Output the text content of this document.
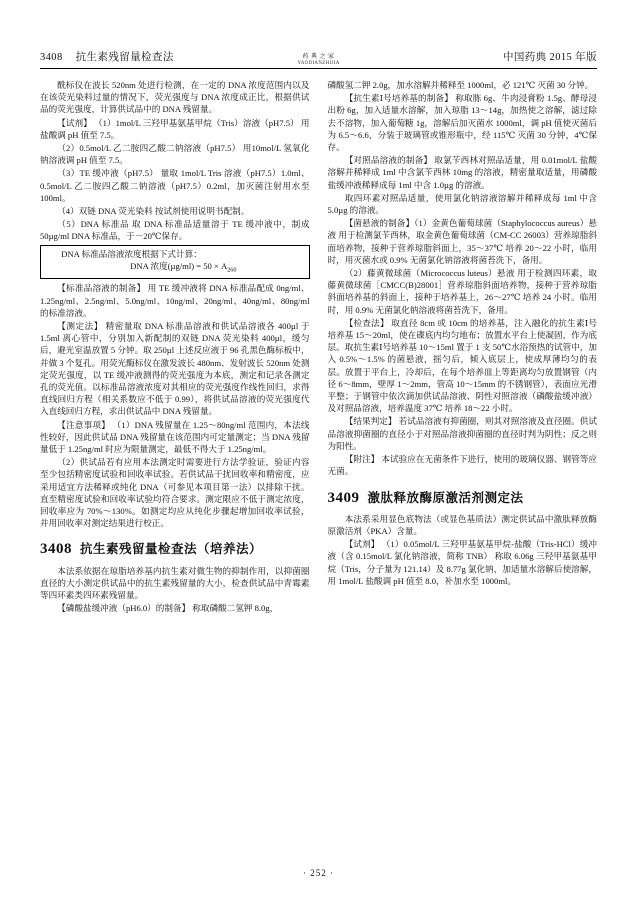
3408 抗生素残留量检查法	药 典 之 家
YAODIANZHIJIA
中国药典 2015 年版

酰标仪在波长 520nm 处进行检测，在一定的 DNA 浓度范围内以及在该荧光染料过量的情况下，荧光强度与 DNA 浓度成正比，根据供试品的荧光强度，计算供试品中的 DNA 残留量。

【试剂】 （1）1mol/L 三羟甲基氨基甲烷（Tris）溶液（pH7.5） 用盐酸调 pH 值至 7.5。

（2）0.5mol/L 乙二胺四乙酸二钠溶液（pH7.5） 用10mol/L 氢氧化钠溶液调 pH 值至 7.5。

（3）TE 缓冲液（pH7.5） 量取 1mol/L Tris 溶液（pH7.5）1.0ml、0.5mol/L 乙二胺四乙酸二钠溶液（pH7.5）0.2ml，加灭菌注射用水至 100ml。

（4）双链 DNA 荧光染料 按试剂使用说明书配制。

（5）DNA 标准品 取 DNA 标准品适量溶于 TE 缓冲液中，制成 50µg/ml DNA 标准品，于－20℃保存。

DNA 标准品溶液浓度根据下式计算：

DNA 浓度$(\mu g/ml) = 50 \times A_{260}$

【标准品溶液的制备】 用 TE 缓冲液将 DNA 标准品配成 0ng/ml、1.25ng/ml、2.5ng/ml、5.0ng/ml、10ng/ml、20ng/ml、40ng/ml、80ng/ml 的标准溶液。

【测定法】 精密量取 DNA 标准品溶液和供试品溶液各 400µl 于 1.5ml 离心管中，分别加入新配制的双链 DNA 荧光染料 400µl，缓匀后，避光室温放置 5 分钟。取 250µl 上述反应液于 96 孔黑色酶标板中，并做 3 个复孔。用荧光酶标仪在激发波长 480nm、发射波长 520nm 处测定荧光强度，以 TE 缓冲液测得的荧光强度为本底，测定和记录各测定孔的荧光值。以标准品溶液浓度对其相应的荧光强度作线性回归，求得直线回归方程（相关系数应不低于 0.99），将供试品溶液的荧光强度代入直线回归方程，求出供试品中 DNA 残留量。

【注意事项】 （1）DNA 残留量在 1.25～80ng/ml 范围内，本法线性较好，因此供试品 DNA 残留量在该范围内可定量测定；当 DNA 残留量低于 1.25ng/ml 时应为限量测定，最低不得大于 1.25ng/ml。

（2）供试品若有应用本法测定时需要进行方法学验证，验证内容至少包括精密度试验和回收率试验。若供试品干扰回收率和精密度，应采用适宜方法稀释或纯化 DNA（可参见本项目第一法）以排除干扰。直至精密度试验和回收率试验均符合要求。测定限应不低于测定浓度，回收率应为 70%～130%。如测定均应从纯化步骤起增加回收率试验，并用回收率对测定结果进行校正。

3408 抗生素残留量检查法（培养法）

本法系依据在琼脂培养基内抗生素对微生物的抑制作用，以抑菌圈直径的大小测定供试品中的抗生素残留量的大小，检查供试品中青霉素等四环素类四环素残留量。

【磷酸盐缓冲液（pH6.0）的制备】 称取磷酸二氢钾 8.0g，

磷酸氢二钾 2.0g，加水溶解并稀释至 1000ml，必 121℃ 灭菌 30 分钟。

【抗生素Ⅰ号培养基的制备】 称取胨 6g、牛肉浸膏粉 1.5g、酵母浸出粉 6g，加入适量水溶解，加入琼脂 13～14g，加热使之溶解，滤过除去不溶物，加入葡萄糖 1g，溶解后加灭菌水 1000ml，调 pH 值使灭菌后为 6.5～6.6，分装于玻璃管或锥形瓶中，经 115℃ 灭菌 30 分钟，4℃保存。

【对照品溶液的制备】 取氯苄西林对照品适量，用 0.01mol/L 盐酸溶解并稀释成 1ml 中含氯苄西林 10mg 的溶液，精密量取适量，用磷酸盐缓冲液稀释成每 1ml 中含 1.0µg 的溶液。

取四环素对照品适量，使用氯化钠溶液溶解并稀释成每 1ml 中含 5.0µg 的溶液。

【菌悬液的制备】（1）金黄色葡萄球菌（Staphylococcus aureus）悬液 用于检测氯苄西林，取金黄色葡萄球菌（CM-CC 26003）营养琼脂斜面培养物，接种于营养琼脂斜面上，35～37℃ 培养 20～22 小时，临用时，用灭菌水或 0.9% 无菌氯化钠溶液将菌苔洗下，备用。

（2）藤黄微球菌（Micrococcus luteus）悬液 用于检测四环素，取藤黄微球菌［CMCC(B)28001］营养琼脂斜面培养物，接种于营养琼脂斜面培养基的斜面上，接种于培养基上，26～27℃ 培养 24 小时。临用时，用 0.9% 无菌氯化钠溶液将菌苔洗下，备用。

【检查法】 取直径 8cm 或 10cm 的培养基，注入融化的抗生素Ⅰ号培养基 15～20ml，使在碟底内均匀地布；放置水平台上使凝固，作为底层。取抗生素Ⅰ号培养基 10～15ml 置于 1 支 50℃水浴预热的试管中，加入 0.5%～1.5% 的菌悬液，摇匀后，倾入底层上，使成厚薄均匀的表层。放置于平台上，冷却后，在每个培养皿上等距离均匀放置钢管（内径 6～8mm，壁厚 1～2mm，管高 10～15mm 的不锈钢管），表面应光滑平整；于钢管中依次滴加供试品溶液、阴性对照溶液（磷酸盐缓冲液）及对照品溶液，培养温度 37℃ 培养 18～22 小时。

【结果判定】 若试品溶液有抑菌圈，则其对照溶液及直径圈。供试品溶液抑菌圈的直径小于对照品溶液抑菌圈的直径时判为阴性；反之则为阳性。

【附注】 本试验应在无菌条件下进行，使用的玻璃仪器、钢管等应无菌。

3409 激肽释放酶原激活剂测定法

本法系采用显色底物法（或显色基质法）测定供试品中激肽释放酶原激活剂（PKA）含量。

【试剂】 （1）0.05mol/L 三羟甲基氨基甲烷-盐酸（Tris-HCl）缓冲液（含 0.15mol/L 氯化钠溶液，简称 TNB） 称取 6.06g 三羟甲基氨基甲烷（Tris，分子量为 121.14）及 8.77g 氯化钠，加适量水溶解后使溶解，用 1mol/L 盐酸调 pH 值至 8.0，补加水至 1000ml。

· 252 ·
